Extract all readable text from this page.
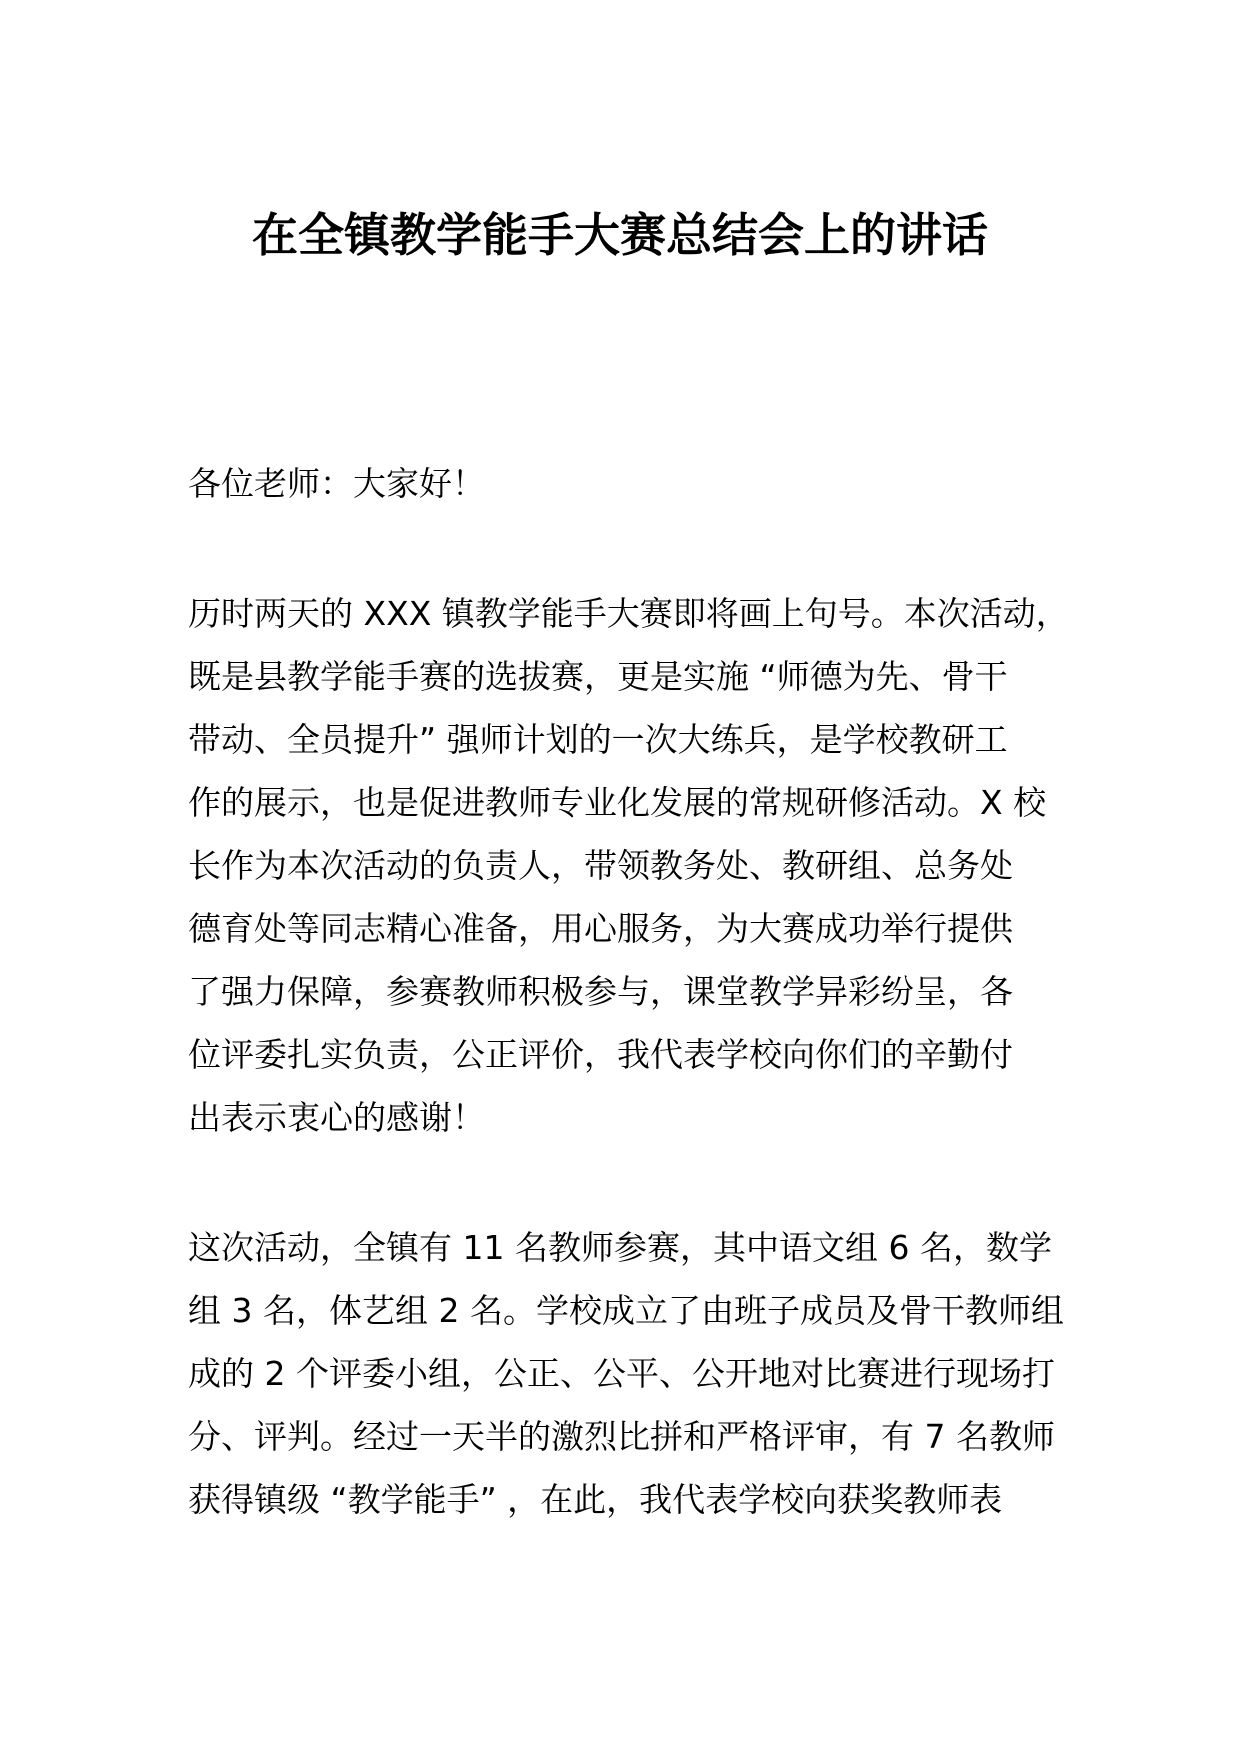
在全镇教学能手大赛总结会上的讲话
各位老师：大家好！
历时两天的 XXX 镇教学能手大赛即将画上句号。本次活动，
既是县教学能手赛的选拔赛，更是实施 “师德为先、骨干
带动、全员提升” 强师计划的一次大练兵，是学校教研工
作的展示，也是促进教师专业化发展的常规研修活动。X 校
长作为本次活动的负责人，带领教务处、教研组、总务处
德育处等同志精心准备，用心服务，为大赛成功举行提供
了强力保障，参赛教师积极参与，课堂教学异彩纷呈，各
位评委扎实负责，公正评价，我代表学校向你们的辛勤付
出表示衷心的感谢！
这次活动，全镇有 11 名教师参赛，其中语文组 6 名，数学
组 3 名，体艺组 2 名。学校成立了由班子成员及骨干教师组
成的 2 个评委小组，公正、公平、公开地对比赛进行现场打
分、评判。经过一天半的激烈比拼和严格评审，有 7 名教师
获得镇级 “教学能手” ，在此，我代表学校向获奖教师表
